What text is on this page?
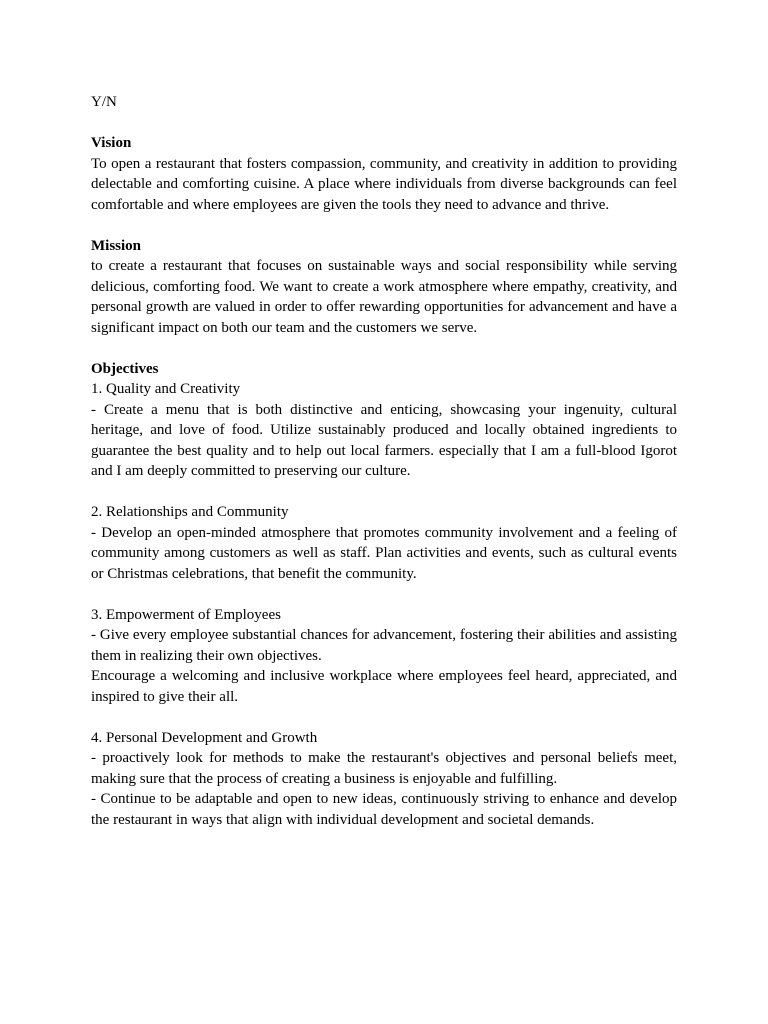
Y/N

Vision

To open a restaurant that fosters compassion, community, and creativity in addition to providing delectable and comforting cuisine. A place where individuals from diverse backgrounds can feel comfortable and where employees are given the tools they need to advance and thrive.

Mission

to create a restaurant that focuses on sustainable ways and social responsibility while serving delicious, comforting food. We want to create a work atmosphere where empathy, creativity, and personal growth are valued in order to offer rewarding opportunities for advancement and have a significant impact on both our team and the customers we serve.

Objectives

1. Quality and Creativity

- Create a menu that is both distinctive and enticing, showcasing your ingenuity, cultural heritage, and love of food. Utilize sustainably produced and locally obtained ingredients to guarantee the best quality and to help out local farmers. especially that I am a full-blood Igorot and I am deeply committed to preserving our culture.

2. Relationships and Community

- Develop an open-minded atmosphere that promotes community involvement and a feeling of community among customers as well as staff. Plan activities and events, such as cultural events or Christmas celebrations, that benefit the community.

3. Empowerment of Employees

- Give every employee substantial chances for advancement, fostering their abilities and assisting them in realizing their own objectives.

Encourage a welcoming and inclusive workplace where employees feel heard, appreciated, and inspired to give their all.

4. Personal Development and Growth

- proactively look for methods to make the restaurant's objectives and personal beliefs meet, making sure that the process of creating a business is enjoyable and fulfilling.

- Continue to be adaptable and open to new ideas, continuously striving to enhance and develop the restaurant in ways that align with individual development and societal demands.
